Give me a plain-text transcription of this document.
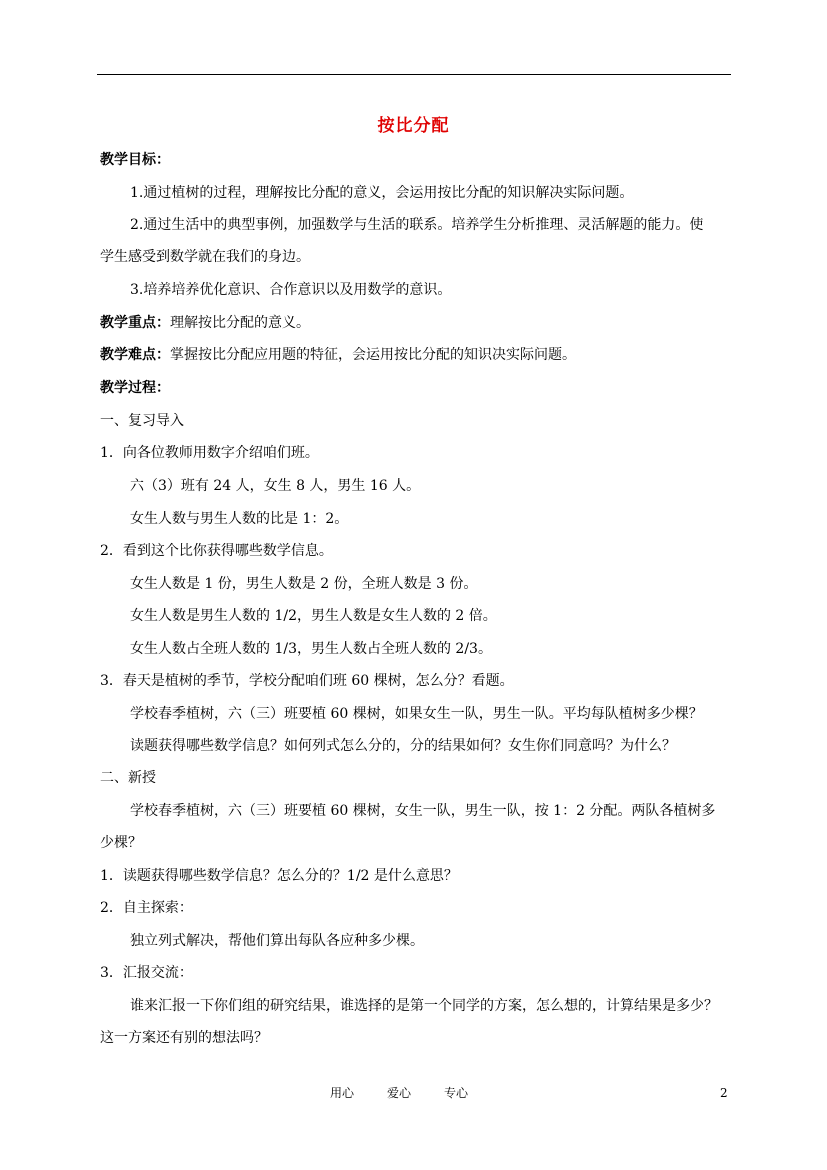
按比分配
教学目标：
1.通过植树的过程，理解按比分配的意义，会运用按比分配的知识解决实际问题。
2.通过生活中的典型事例，加强数学与生活的联系。培养学生分析推理、灵活解题的能力。使
学生感受到数学就在我们的身边。
3.培养培养优化意识、合作意识以及用数学的意识。
教学重点：理解按比分配的意义。
教学难点：掌握按比分配应用题的特征，会运用按比分配的知识决实际问题。
教学过程：
一、复习导入
1．向各位教师用数字介绍咱们班。
六（3）班有 24 人，女生 8 人，男生 16 人。
女生人数与男生人数的比是 1：2。
2．看到这个比你获得哪些数学信息。
女生人数是 1 份，男生人数是 2 份，全班人数是 3 份。
女生人数是男生人数的 1/2，男生人数是女生人数的 2 倍。
女生人数占全班人数的 1/3，男生人数占全班人数的 2/3。
3．春天是植树的季节，学校分配咱们班 60 棵树，怎么分？看题。
学校春季植树，六（三）班要植 60 棵树，如果女生一队，男生一队。平均每队植树多少棵？
读题获得哪些数学信息？如何列式怎么分的，分的结果如何？女生你们同意吗？为什么？
二、新授
学校春季植树，六（三）班要植 60 棵树，女生一队，男生一队，按 1：2 分配。两队各植树多
少棵？
1．读题获得哪些数学信息？怎么分的？1/2 是什么意思？
2．自主探索：
独立列式解决，帮他们算出每队各应种多少棵。
3．汇报交流：
谁来汇报一下你们组的研究结果，谁选择的是第一个同学的方案，怎么想的，计算结果是多少？
这一方案还有别的想法吗？
用心	爱心	专心	2
